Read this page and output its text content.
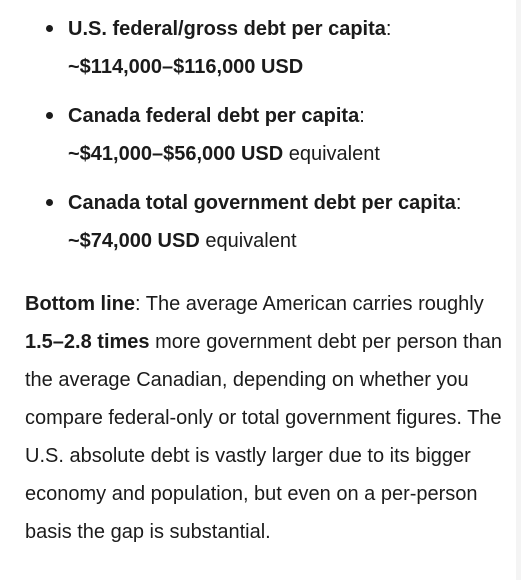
U.S. federal/gross debt per capita:
~$114,000–$116,000 USD
Canada federal debt per capita:
~$41,000–$56,000 USD equivalent
Canada total government debt per capita:
~$74,000 USD equivalent

Bottom line: The average American carries roughly 1.5–2.8 times more government debt per person than the average Canadian, depending on whether you compare federal-only or total government figures. The U.S. absolute debt is vastly larger due to its bigger economy and population, but even on a per-person basis the gap is substantial.
